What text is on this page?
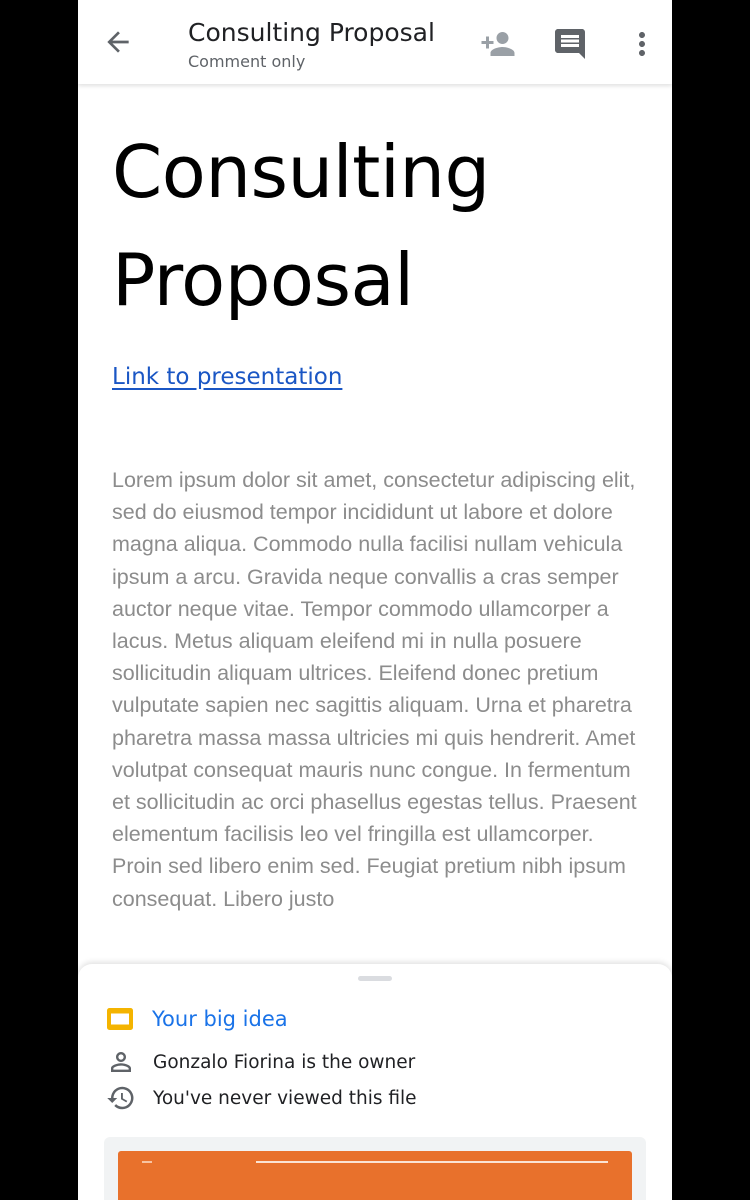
Consulting Proposal
Comment only
Consulting
Proposal
Link to presentation
Lorem ipsum dolor sit amet, consectetur adipiscing elit, sed do eiusmod tempor incididunt ut labore et dolore magna aliqua. Commodo nulla facilisi nullam vehicula ipsum a arcu. Gravida neque convallis a cras semper auctor neque vitae. Tempor commodo ullamcorper a lacus. Metus aliquam eleifend mi in nulla posuere sollicitudin aliquam ultrices. Eleifend donec pretium vulputate sapien nec sagittis aliquam. Urna et pharetra pharetra massa massa ultricies mi quis hendrerit. Amet volutpat consequat mauris nunc congue. In fermentum et sollicitudin ac orci phasellus egestas tellus. Praesent elementum facilisis leo vel fringilla est ullamcorper. Proin sed libero enim sed. Feugiat pretium nibh ipsum consequat. Libero justo
Your big idea
Gonzalo Fiorina is the owner
You've never viewed this file
